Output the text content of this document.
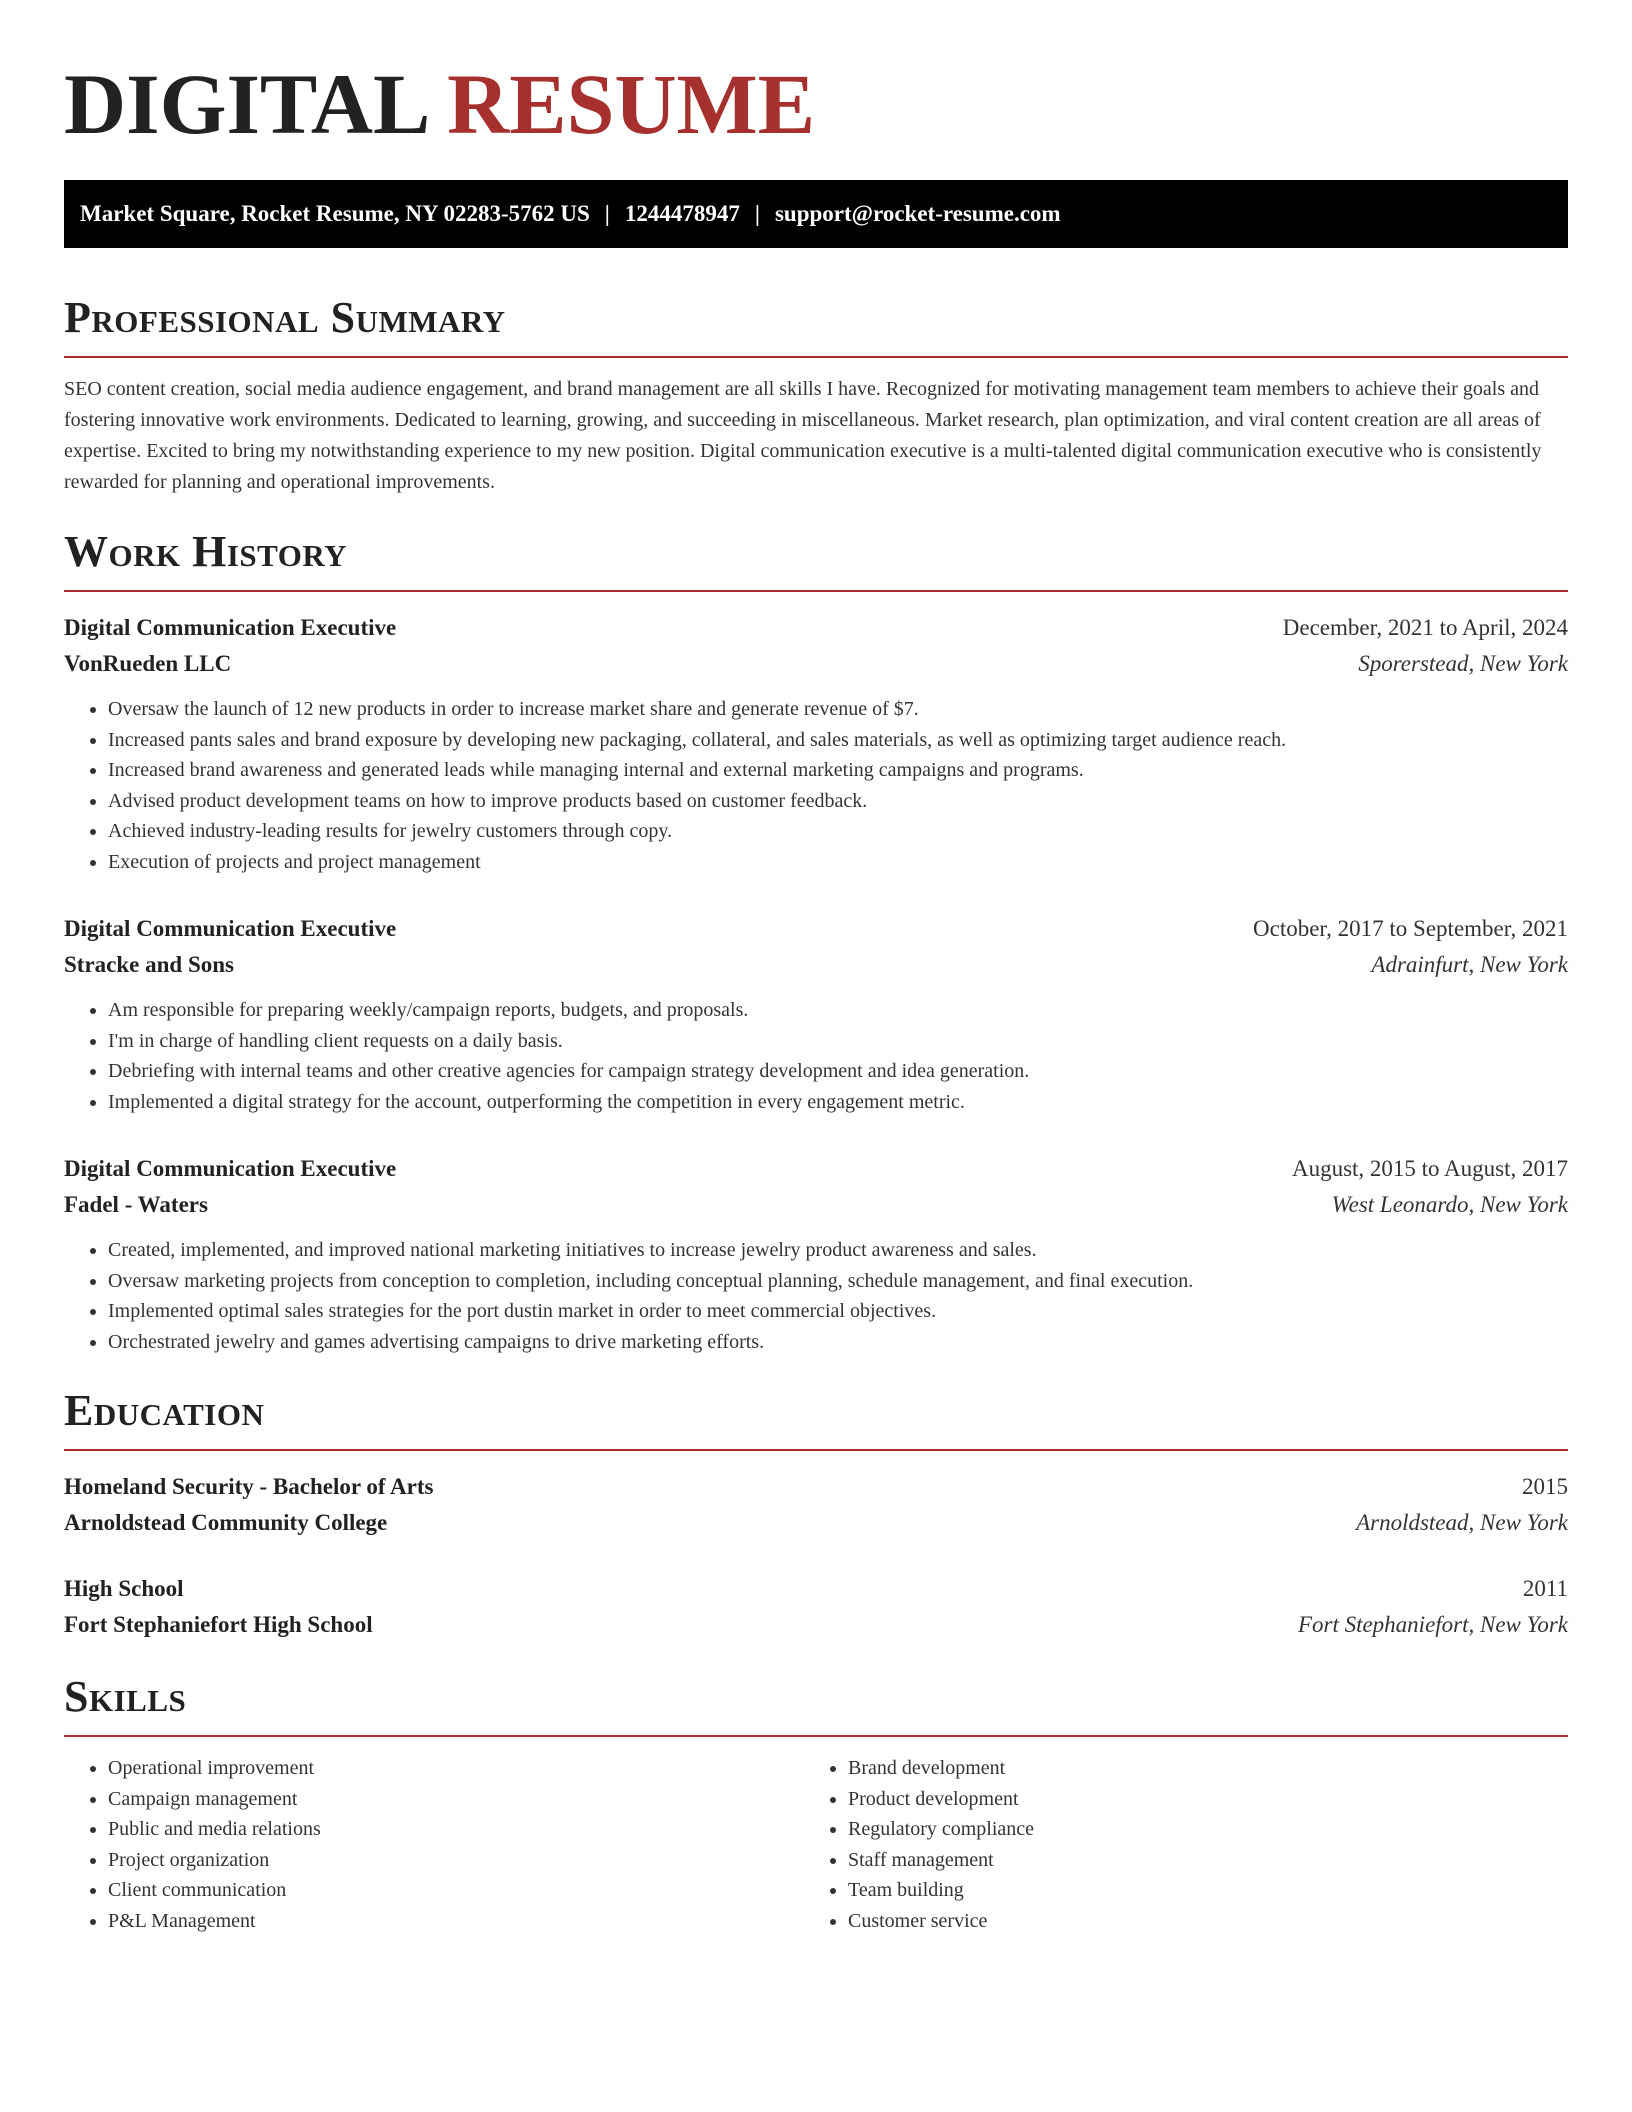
DIGITAL RESUME
Market Square, Rocket Resume, NY 02283-5762 US | 1244478947 | support@rocket-resume.com
Professional Summary

SEO content creation, social media audience engagement, and brand management are all skills I have. Recognized for motivating management team members to achieve their goals and fostering innovative work environments. Dedicated to learning, growing, and succeeding in miscellaneous. Market research, plan optimization, and viral content creation are all areas of expertise. Excited to bring my notwithstanding experience to my new position. Digital communication executive is a multi-talented digital communication executive who is consistently rewarded for planning and operational improvements.

Work History
Digital Communication Executive	December, 2021 to April, 2024
VonRueden LLC	Sporerstead, New York
• Oversaw the launch of 12 new products in order to increase market share and generate revenue of $7.
• Increased pants sales and brand exposure by developing new packaging, collateral, and sales materials, as well as optimizing target audience reach.
• Increased brand awareness and generated leads while managing internal and external marketing campaigns and programs.
• Advised product development teams on how to improve products based on customer feedback.
• Achieved industry-leading results for jewelry customers through copy.
• Execution of projects and project management
Digital Communication Executive	October, 2017 to September, 2021
Stracke and Sons	Adrainfurt, New York
• Am responsible for preparing weekly/campaign reports, budgets, and proposals.
• I'm in charge of handling client requests on a daily basis.
• Debriefing with internal teams and other creative agencies for campaign strategy development and idea generation.
• Implemented a digital strategy for the account, outperforming the competition in every engagement metric.
Digital Communication Executive	August, 2015 to August, 2017
Fadel - Waters	West Leonardo, New York
• Created, implemented, and improved national marketing initiatives to increase jewelry product awareness and sales.
• Oversaw marketing projects from conception to completion, including conceptual planning, schedule management, and final execution.
• Implemented optimal sales strategies for the port dustin market in order to meet commercial objectives.
• Orchestrated jewelry and games advertising campaigns to drive marketing efforts.
Education
Homeland Security - Bachelor of Arts	2015
Arnoldstead Community College	Arnoldstead, New York
High School	2011
Fort Stephaniefort High School	Fort Stephaniefort, New York
Skills
• Operational improvement
• Campaign management
• Public and media relations
• Project organization
• Client communication
• P&L Management
• Brand development
• Product development
• Regulatory compliance
• Staff management
• Team building
• Customer service
